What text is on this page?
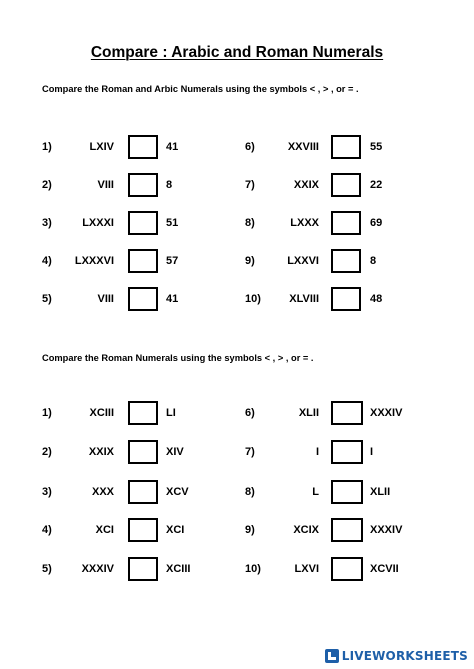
Compare : Arabic and Roman Numerals
Compare the Roman and Arbic Numerals using the symbols < , > , or = .
1)	LXIV	41
2)	VIII	8
3)	LXXXI	51
4)	LXXXVI	57
5)	VIII	41
6)	XXVIII	55
7)	XXIX	22
8)	LXXX	69
9)	LXXVI	8
10)	XLVIII	48
Compare the Roman Numerals using the symbols < , > , or = .
1)	XCIII	LI
2)	XXIX	XIV
3)	XXX	XCV
4)	XCI	XCI
5)	XXXIV	XCIII
6)	XLII	XXXIV
7)	I	I
8)	L	XLII
9)	XCIX	XXXIV
10)	LXVI	XCVII
LIVEWORKSHEETS
